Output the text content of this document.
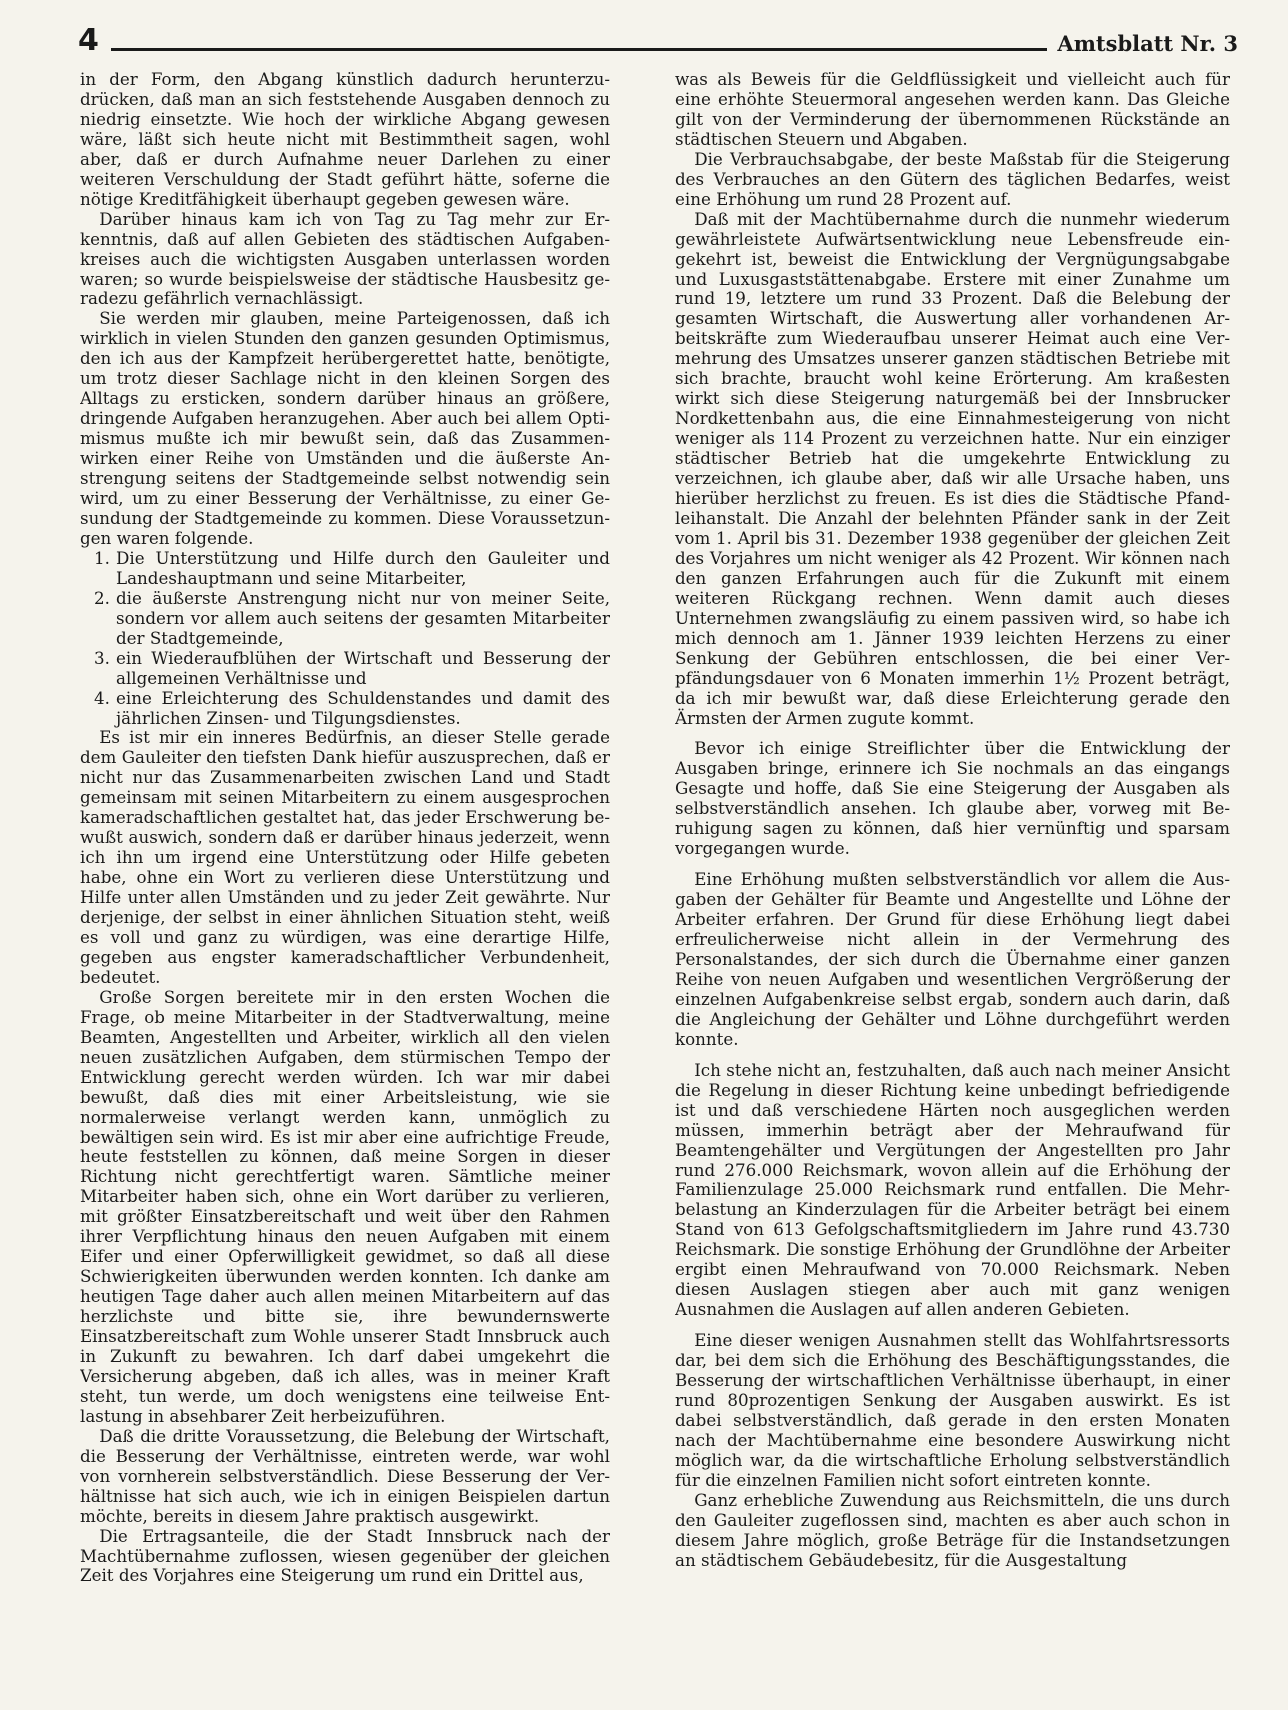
4	Amtsblatt Nr. 3

in der Form, den Abgang künstlich dadurch herunterzudrücken, daß man an sich feststehende Ausgaben dennoch zu niedrig einsetzte. Wie hoch der wirkliche Abgang gewesen wäre, läßt sich heute nicht mit Bestimmtheit sagen, wohl aber, daß er durch Aufnahme neuer Darlehen zu einer weiteren Verschuldung der Stadt geführt hätte, soferne die nötige Kreditfähigkeit überhaupt gegeben gewesen wäre.

Darüber hinaus kam ich von Tag zu Tag mehr zur Erkenntnis, daß auf allen Gebieten des städtischen Aufgabenkreises auch die wichtigsten Ausgaben unterlassen worden waren; so wurde beispielsweise der städtische Hausbesitz geradezu gefährlich vernachlässigt.

Sie werden mir glauben, meine Parteigenossen, daß ich wirklich in vielen Stunden den ganzen gesunden Optimismus, den ich aus der Kampfzeit herübergerettet hatte, benötigte, um trotz dieser Sachlage nicht in den kleinen Sorgen des Alltags zu ersticken, sondern darüber hinaus an größere, dringende Aufgaben heranzugehen. Aber auch bei allem Optimismus mußte ich mir bewußt sein, daß das Zusammenwirken einer Reihe von Umständen und die äußerste Anstrengung seitens der Stadtgemeinde selbst notwendig sein wird, um zu einer Besserung der Verhältnisse, zu einer Gesundung der Stadtgemeinde zu kommen. Diese Voraussetzungen waren folgende.

1. Die Unterstützung und Hilfe durch den Gauleiter und Landeshauptmann und seine Mitarbeiter,
2. die äußerste Anstrengung nicht nur von meiner Seite, sondern vor allem auch seitens der gesamten Mitarbeiter der Stadtgemeinde,
3. ein Wiederaufblühen der Wirtschaft und Besserung der allgemeinen Verhältnisse und
4. eine Erleichterung des Schuldenstandes und damit des jährlichen Zinsen- und Tilgungsdienstes.

Es ist mir ein inneres Bedürfnis, an dieser Stelle gerade dem Gauleiter den tiefsten Dank hiefür auszusprechen, daß er nicht nur das Zusammenarbeiten zwischen Land und Stadt gemeinsam mit seinen Mitarbeitern zu einem ausgesprochen kameradschaftlichen gestaltet hat, das jeder Erschwerung bewußt auswich, sondern daß er darüber hinaus jederzeit, wenn ich ihn um irgend eine Unterstützung oder Hilfe gebeten habe, ohne ein Wort zu verlieren diese Unterstützung und Hilfe unter allen Umständen und zu jeder Zeit gewährte. Nur derjenige, der selbst in einer ähnlichen Situation steht, weiß es voll und ganz zu würdigen, was eine derartige Hilfe, gegeben aus engster kameradschaftlicher Verbundenheit, bedeutet.

Große Sorgen bereitete mir in den ersten Wochen die Frage, ob meine Mitarbeiter in der Stadtverwaltung, meine Beamten, Angestellten und Arbeiter, wirklich all den vielen neuen zusätzlichen Aufgaben, dem stürmischen Tempo der Entwicklung gerecht werden würden. Ich war mir dabei bewußt, daß dies mit einer Arbeitsleistung, wie sie normalerweise verlangt werden kann, unmöglich zu bewältigen sein wird. Es ist mir aber eine aufrichtige Freude, heute feststellen zu können, daß meine Sorgen in dieser Richtung nicht gerechtfertigt waren. Sämtliche meiner Mitarbeiter haben sich, ohne ein Wort darüber zu verlieren, mit größter Einsatzbereitschaft und weit über den Rahmen ihrer Verpflichtung hinaus den neuen Aufgaben mit einem Eifer und einer Opferwilligkeit gewidmet, so daß all diese Schwierigkeiten überwunden werden konnten. Ich danke am heutigen Tage daher auch allen meinen Mitarbeitern auf das herzlichste und bitte sie, ihre bewundernswerte Einsatzbereitschaft zum Wohle unserer Stadt Innsbruck auch in Zukunft zu bewahren. Ich darf dabei umgekehrt die Versicherung abgeben, daß ich alles, was in meiner Kraft steht, tun werde, um doch wenigstens eine teilweise Entlastung in absehbarer Zeit herbeizuführen.

Daß die dritte Voraussetzung, die Belebung der Wirtschaft, die Besserung der Verhältnisse, eintreten werde, war wohl von vornherein selbstverständlich. Diese Besserung der Verhältnisse hat sich auch, wie ich in einigen Beispielen dartun möchte, bereits in diesem Jahre praktisch ausgewirkt.

Die Ertragsanteile, die der Stadt Innsbruck nach der Machtübernahme zuflossen, wiesen gegenüber der gleichen Zeit des Vorjahres eine Steigerung um rund ein Drittel aus,

was als Beweis für die Geldflüssigkeit und vielleicht auch für eine erhöhte Steuermoral angesehen werden kann. Das Gleiche gilt von der Verminderung der übernommenen Rückstände an städtischen Steuern und Abgaben.

Die Verbrauchsabgabe, der beste Maßstab für die Steigerung des Verbrauches an den Gütern des täglichen Bedarfes, weist eine Erhöhung um rund 28 Prozent auf.

Daß mit der Machtübernahme durch die nunmehr wiederum gewährleistete Aufwärtsentwicklung neue Lebensfreude eingekehrt ist, beweist die Entwicklung der Vergnügungsabgabe und Luxusgaststättenabgabe. Erstere mit einer Zunahme um rund 19, letztere um rund 33 Prozent. Daß die Belebung der gesamten Wirtschaft, die Auswertung aller vorhandenen Arbeitskräfte zum Wiederaufbau unserer Heimat auch eine Vermehrung des Umsatzes unserer ganzen städtischen Betriebe mit sich brachte, braucht wohl keine Erörterung. Am kraßesten wirkt sich diese Steigerung naturgemäß bei der Innsbrucker Nordkettenbahn aus, die eine Einnahmesteigerung von nicht weniger als 114 Prozent zu verzeichnen hatte. Nur ein einziger städtischer Betrieb hat die umgekehrte Entwicklung zu verzeichnen, ich glaube aber, daß wir alle Ursache haben, uns hierüber herzlichst zu freuen. Es ist dies die Städtische Pfandleihanstalt. Die Anzahl der belehnten Pfänder sank in der Zeit vom 1. April bis 31. Dezember 1938 gegenüber der gleichen Zeit des Vorjahres um nicht weniger als 42 Prozent. Wir können nach den ganzen Erfahrungen auch für die Zukunft mit einem weiteren Rückgang rechnen. Wenn damit auch dieses Unternehmen zwangsläufig zu einem passiven wird, so habe ich mich dennoch am 1. Jänner 1939 leichten Herzens zu einer Senkung der Gebühren entschlossen, die bei einer Verpfändungsdauer von 6 Monaten immerhin 1½ Prozent beträgt, da ich mir bewußt war, daß diese Erleichterung gerade den Ärmsten der Armen zugute kommt.

Bevor ich einige Streiflichter über die Entwicklung der Ausgaben bringe, erinnere ich Sie nochmals an das eingangs Gesagte und hoffe, daß Sie eine Steigerung der Ausgaben als selbstverständlich ansehen. Ich glaube aber, vorweg mit Beruhigung sagen zu können, daß hier vernünftig und sparsam vorgegangen wurde.

Eine Erhöhung mußten selbstverständlich vor allem die Ausgaben der Gehälter für Beamte und Angestellte und Löhne der Arbeiter erfahren. Der Grund für diese Erhöhung liegt dabei erfreulicherweise nicht allein in der Vermehrung des Personalstandes, der sich durch die Übernahme einer ganzen Reihe von neuen Aufgaben und wesentlichen Vergrößerung der einzelnen Aufgabenkreise selbst ergab, sondern auch darin, daß die Angleichung der Gehälter und Löhne durchgeführt werden konnte.

Ich stehe nicht an, festzuhalten, daß auch nach meiner Ansicht die Regelung in dieser Richtung keine unbedingt befriedigende ist und daß verschiedene Härten noch ausgeglichen werden müssen, immerhin beträgt aber der Mehraufwand für Beamtengehälter und Vergütungen der Angestellten pro Jahr rund 276.000 Reichsmark, wovon allein auf die Erhöhung der Familienzulage 25.000 Reichsmark rund entfallen. Die Mehrbelastung an Kinderzulagen für die Arbeiter beträgt bei einem Stand von 613 Gefolgschaftsmitgliedern im Jahre rund 43.730 Reichsmark. Die sonstige Erhöhung der Grundlöhne der Arbeiter ergibt einen Mehraufwand von 70.000 Reichsmark. Neben diesen Auslagen stiegen aber auch mit ganz wenigen Ausnahmen die Auslagen auf allen anderen Gebieten.

Eine dieser wenigen Ausnahmen stellt das Wohlfahrtsressorts dar, bei dem sich die Erhöhung des Beschäftigungsstandes, die Besserung der wirtschaftlichen Verhältnisse überhaupt, in einer rund 80prozentigen Senkung der Ausgaben auswirkt. Es ist dabei selbstverständlich, daß gerade in den ersten Monaten nach der Machtübernahme eine besondere Auswirkung nicht möglich war, da die wirtschaftliche Erholung selbstverständlich für die einzelnen Familien nicht sofort eintreten konnte.

Ganz erhebliche Zuwendung aus Reichsmitteln, die uns durch den Gauleiter zugeflossen sind, machten es aber auch schon in diesem Jahre möglich, große Beträge für die Instandsetzungen an städtischem Gebäudebesitz, für die Ausgestaltung
